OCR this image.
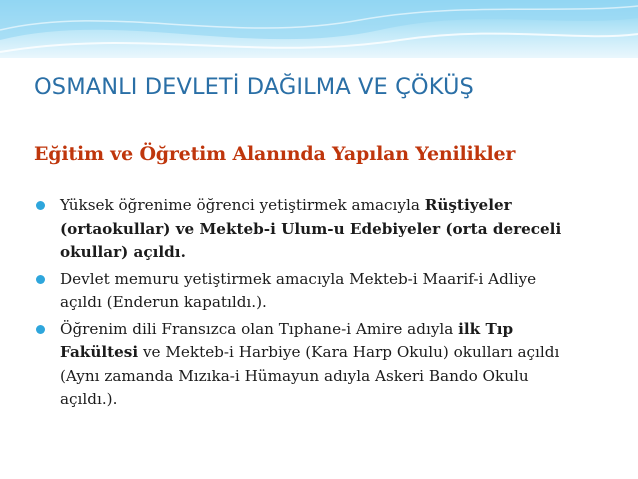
OSMANLI DEVLETİ DAĞILMA VE ÇÖKÜŞ
Eğitim ve Öğretim Alanında Yapılan Yenilikler
Yüksek öğrenime öğrenci yetiştirmek amacıyla Rüştiyeler
(ortaokullar) ve Mekteb-i Ulum-u Edebiyeler (orta dereceli
okullar) açıldı.
Devlet memuru yetiştirmek amacıyla Mekteb-i Maarif-i Adliye
açıldı (Enderun kapatıldı.).
Öğrenim dili Fransızca olan Tıphane-i Amire adıyla ilk Tıp
Fakültesi ve Mekteb-i Harbiye (Kara Harp Okulu) okulları açıldı
(Aynı zamanda Mızıka-i Hümayun adıyla Askeri Bando Okulu
açıldı.).
